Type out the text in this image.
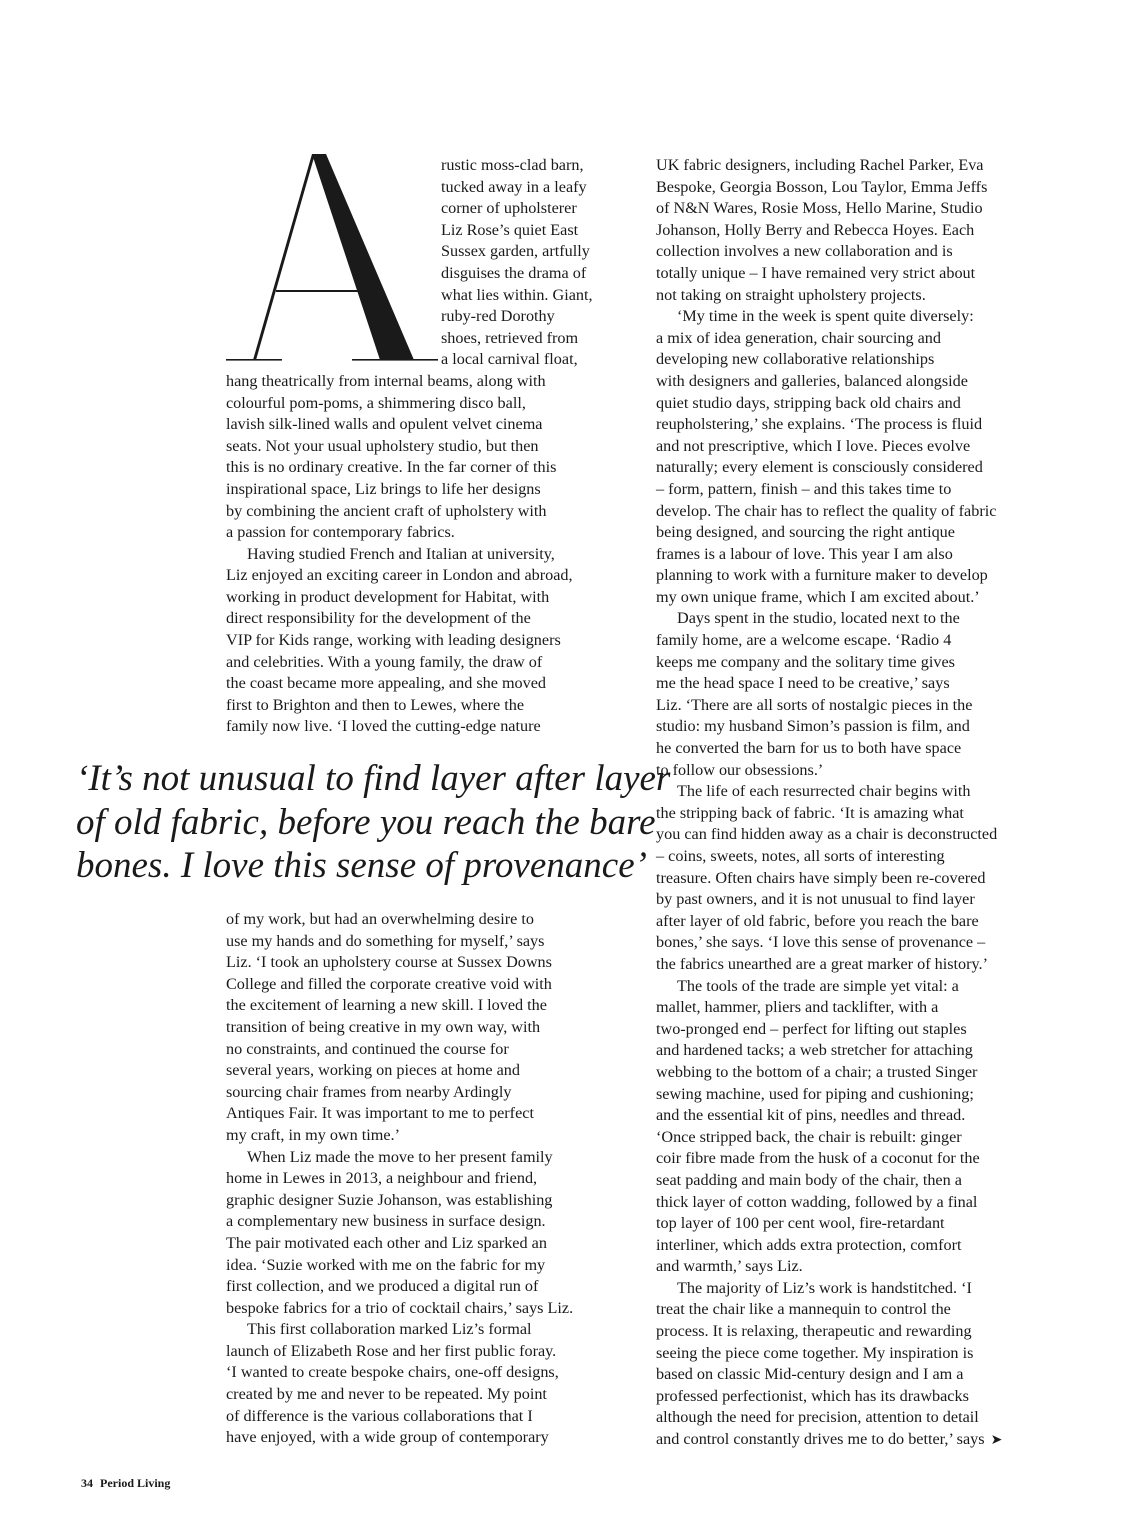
rustic moss-clad barn,
tucked away in a leafy
corner of upholsterer
Liz Rose’s quiet East
Sussex garden, artfully
disguises the drama of
what lies within. Giant,
ruby-red Dorothy
shoes, retrieved from
a local carnival float,
hang theatrically from internal beams, along with
colourful pom-poms, a shimmering disco ball,
lavish silk-lined walls and opulent velvet cinema
seats. Not your usual upholstery studio, but then
this is no ordinary creative. In the far corner of this
inspirational space, Liz brings to life her designs
by combining the ancient craft of upholstery with
a passion for contemporary fabrics.
Having studied French and Italian at university,
Liz enjoyed an exciting career in London and abroad,
working in product development for Habitat, with
direct responsibility for the development of the
VIP for Kids range, working with leading designers
and celebrities. With a young family, the draw of
the coast became more appealing, and she moved
first to Brighton and then to Lewes, where the
family now live. ‘I loved the cutting-edge nature
‘It’s not unusual to find layer after layer
of old fabric, before you reach the bare
bones. I love this sense of provenance’
of my work, but had an overwhelming desire to
use my hands and do something for myself,’ says
Liz. ‘I took an upholstery course at Sussex Downs
College and filled the corporate creative void with
the excitement of learning a new skill. I loved the
transition of being creative in my own way, with
no constraints, and continued the course for
several years, working on pieces at home and
sourcing chair frames from nearby Ardingly
Antiques Fair. It was important to me to perfect
my craft, in my own time.’
When Liz made the move to her present family
home in Lewes in 2013, a neighbour and friend,
graphic designer Suzie Johanson, was establishing
a complementary new business in surface design.
The pair motivated each other and Liz sparked an
idea. ‘Suzie worked with me on the fabric for my
first collection, and we produced a digital run of
bespoke fabrics for a trio of cocktail chairs,’ says Liz.
This first collaboration marked Liz’s formal
launch of Elizabeth Rose and her first public foray.
‘I wanted to create bespoke chairs, one-off designs,
created by me and never to be repeated. My point
of difference is the various collaborations that I
have enjoyed, with a wide group of contemporary
UK fabric designers, including Rachel Parker, Eva
Bespoke, Georgia Bosson, Lou Taylor, Emma Jeffs
of N&N Wares, Rosie Moss, Hello Marine, Studio
Johanson, Holly Berry and Rebecca Hoyes. Each
collection involves a new collaboration and is
totally unique – I have remained very strict about
not taking on straight upholstery projects.
‘My time in the week is spent quite diversely:
a mix of idea generation, chair sourcing and
developing new collaborative relationships
with designers and galleries, balanced alongside
quiet studio days, stripping back old chairs and
reupholstering,’ she explains. ‘The process is fluid
and not prescriptive, which I love. Pieces evolve
naturally; every element is consciously considered
– form, pattern, finish – and this takes time to
develop. The chair has to reflect the quality of fabric
being designed, and sourcing the right antique
frames is a labour of love. This year I am also
planning to work with a furniture maker to develop
my own unique frame, which I am excited about.’
Days spent in the studio, located next to the
family home, are a welcome escape. ‘Radio 4
keeps me company and the solitary time gives
me the head space I need to be creative,’ says
Liz. ‘There are all sorts of nostalgic pieces in the
studio: my husband Simon’s passion is film, and
he converted the barn for us to both have space
to follow our obsessions.’
The life of each resurrected chair begins with
the stripping back of fabric. ‘It is amazing what
you can find hidden away as a chair is deconstructed
– coins, sweets, notes, all sorts of interesting
treasure. Often chairs have simply been re-covered
by past owners, and it is not unusual to find layer
after layer of old fabric, before you reach the bare
bones,’ she says. ‘I love this sense of provenance –
the fabrics unearthed are a great marker of history.’
The tools of the trade are simple yet vital: a
mallet, hammer, pliers and tacklifter, with a
two-pronged end – perfect for lifting out staples
and hardened tacks; a web stretcher for attaching
webbing to the bottom of a chair; a trusted Singer
sewing machine, used for piping and cushioning;
and the essential kit of pins, needles and thread.
‘Once stripped back, the chair is rebuilt: ginger
coir fibre made from the husk of a coconut for the
seat padding and main body of the chair, then a
thick layer of cotton wadding, followed by a final
top layer of 100 per cent wool, fire-retardant
interliner, which adds extra protection, comfort
and warmth,’ says Liz.
The majority of Liz’s work is handstitched. ‘I
treat the chair like a mannequin to control the
process. It is relaxing, therapeutic and rewarding
seeing the piece come together. My inspiration is
based on classic Mid-century design and I am a
professed perfectionist, which has its drawbacks
although the need for precision, attention to detail
and control constantly drives me to do better,’ says ➤
34 Period Living
